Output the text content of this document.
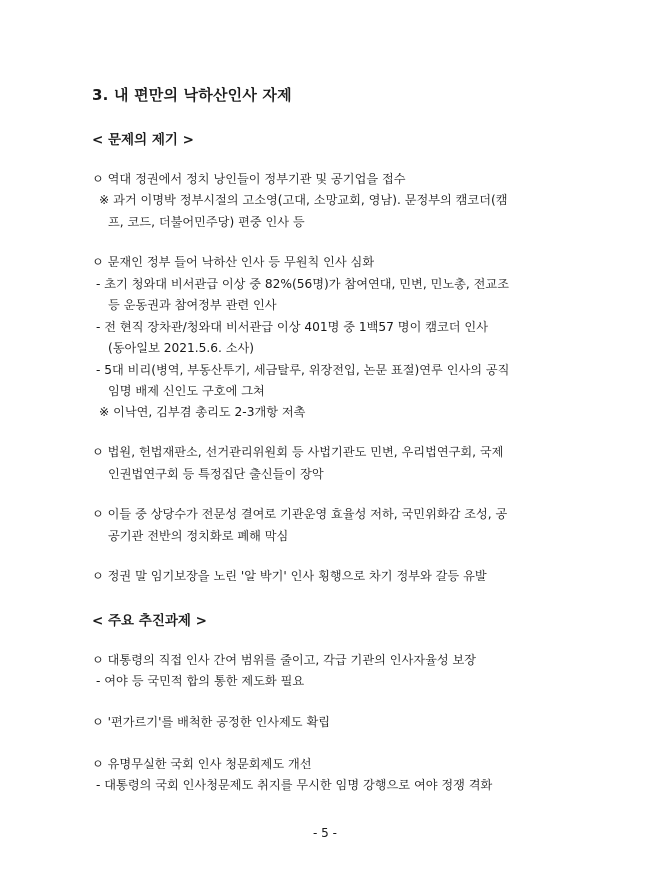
3. 내 편만의 낙하산인사 자제
< 문제의 제기 >
ㅇ 역대 정권에서 정치 낭인들이 정부기관 및 공기업을 접수
※ 과거 이명박 정부시절의 고소영(고대, 소망교회, 영남). 문정부의 캠코더(캠
프, 코드, 더불어민주당) 편중 인사 등
ㅇ 문재인 정부 들어 낙하산 인사 등 무원칙 인사 심화
- 초기 청와대 비서관급 이상 중 82%(56명)가 참여연대, 민변, 민노총, 전교조
등 운동권과 참여정부 관련 인사
- 전 현직 장차관/청와대 비서관급 이상 401명 중 1백57 명이 캠코더 인사
(동아일보 2021.5.6. 소사)
- 5대 비리(병역, 부동산투기, 세금탈루, 위장전입, 논문 표절)연루 인사의 공직
임명 배제 신인도 구호에 그쳐
※ 이낙연, 김부겸 총리도 2-3개항 저촉
ㅇ 법원, 헌법재판소, 선거관리위원회 등 사법기관도 민변, 우리법연구회, 국제
인권법연구회 등 특정집단 출신들이 장악
ㅇ 이들 중 상당수가 전문성 결여로 기관운영 효율성 저하, 국민위화감 조성, 공
공기관 전반의 정치화로 폐해 막심
ㅇ 정권 말 임기보장을 노린 '알 박기' 인사 횡행으로 차기 정부와 갈등 유발
< 주요 추진과제 >
ㅇ 대통령의 직접 인사 간여 범위를 줄이고, 각급 기관의 인사자율성 보장
- 여야 등 국민적 합의 통한 제도화 필요
ㅇ '편가르기'를 배척한 공정한 인사제도 확립
ㅇ 유명무실한 국회 인사 청문회제도 개선
- 대통령의 국회 인사청문제도 취지를 무시한 임명 강행으로 여야 정쟁 격화
- 5 -
